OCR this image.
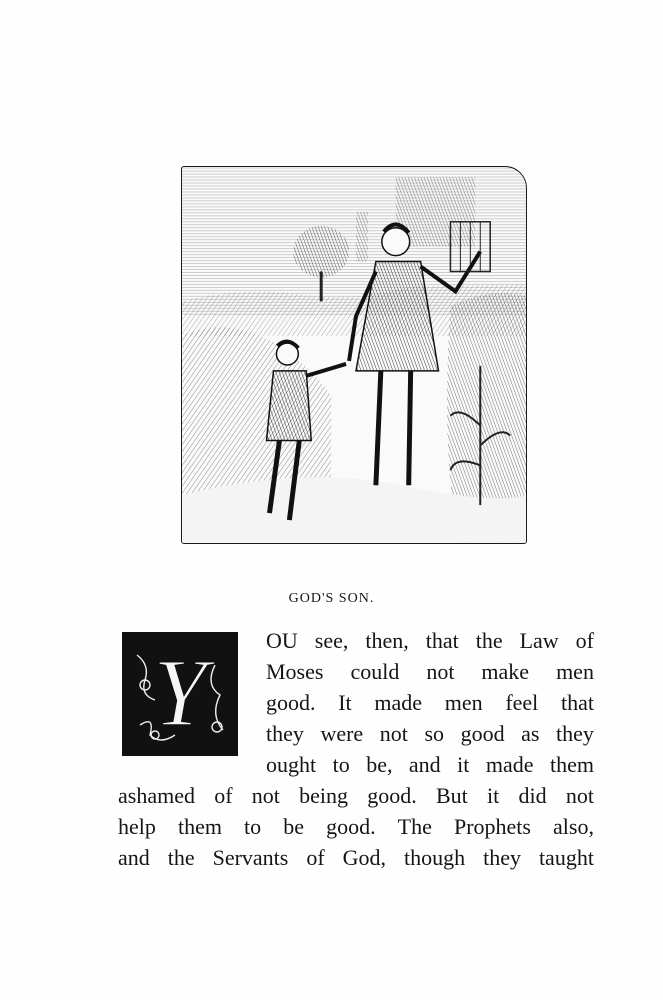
GOD'S SON.
Y	OU see, then, that the Law of
Moses could not make men
good. It made men feel that
they were not so good as they
ought to be, and it made them
ashamed of not being good. But it did not
help them to be good. The Prophets also,
and the Servants of God, though they taught
